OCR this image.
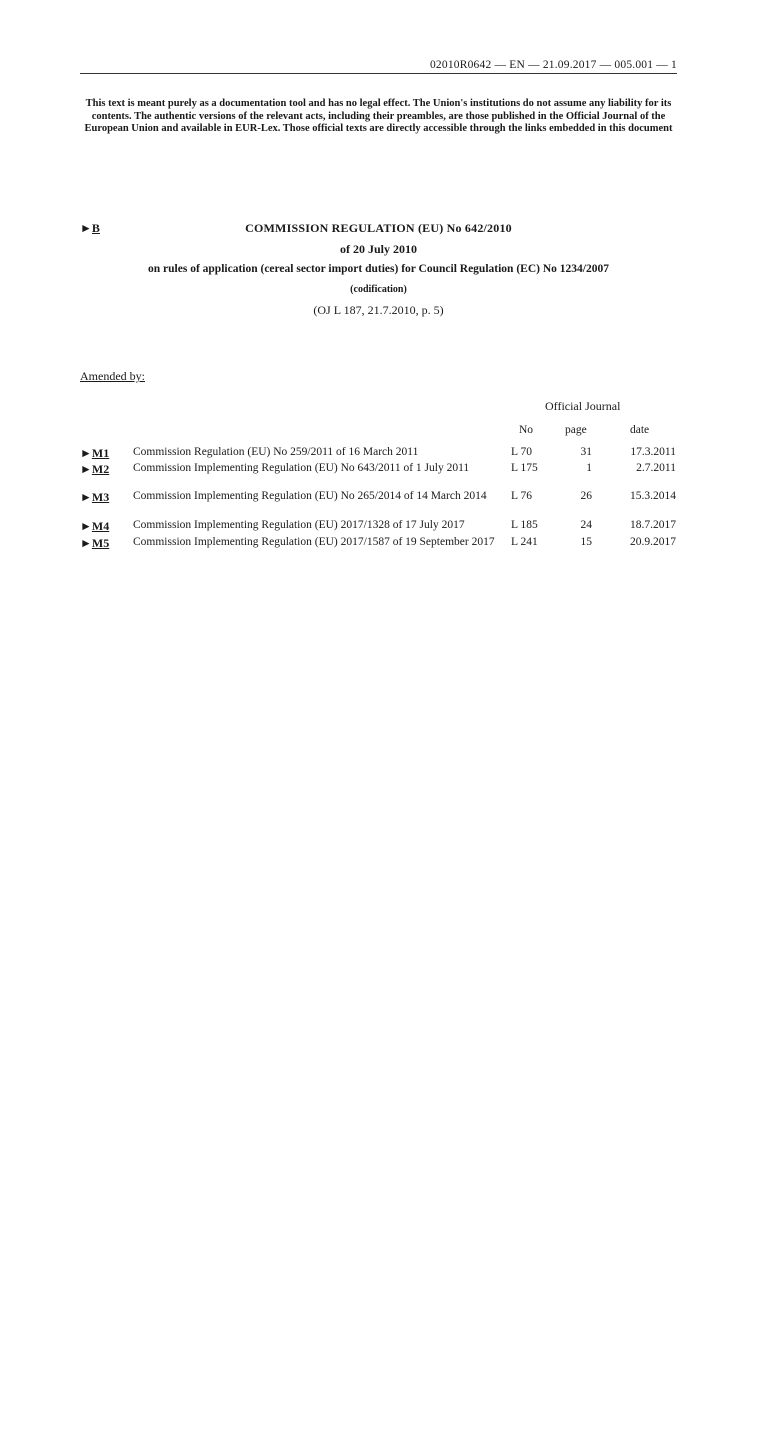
02010R0642 — EN — 21.09.2017 — 005.001 — 1
This text is meant purely as a documentation tool and has no legal effect. The Union's institutions do not assume any liability for its contents. The authentic versions of the relevant acts, including their preambles, are those published in the Official Journal of the European Union and available in EUR-Lex. Those official texts are directly accessible through the links embedded in this document
►B	COMMISSION REGULATION (EU) No 642/2010
of 20 July 2010
on rules of application (cereal sector import duties) for Council Regulation (EC) No 1234/2007
(codification)
(OJ L 187, 21.7.2010, p. 5)
Amended by:
Official Journal
No	page	date
►M1 Commission Regulation (EU) No 259/2011 of 16 March 2011	L 70	31	17.3.2011
►M2 Commission Implementing Regulation (EU) No 643/2011 of 1 July 2011	L 175	1	2.7.2011
►M3 Commission Implementing Regulation (EU) No 265/2014 of 14 March 2014	L 76	26	15.3.2014
►M4 Commission Implementing Regulation (EU) 2017/1328 of 17 July 2017	L 185	24	18.7.2017
►M5 Commission Implementing Regulation (EU) 2017/1587 of 19 September 2017 L 241	15	20.9.2017
